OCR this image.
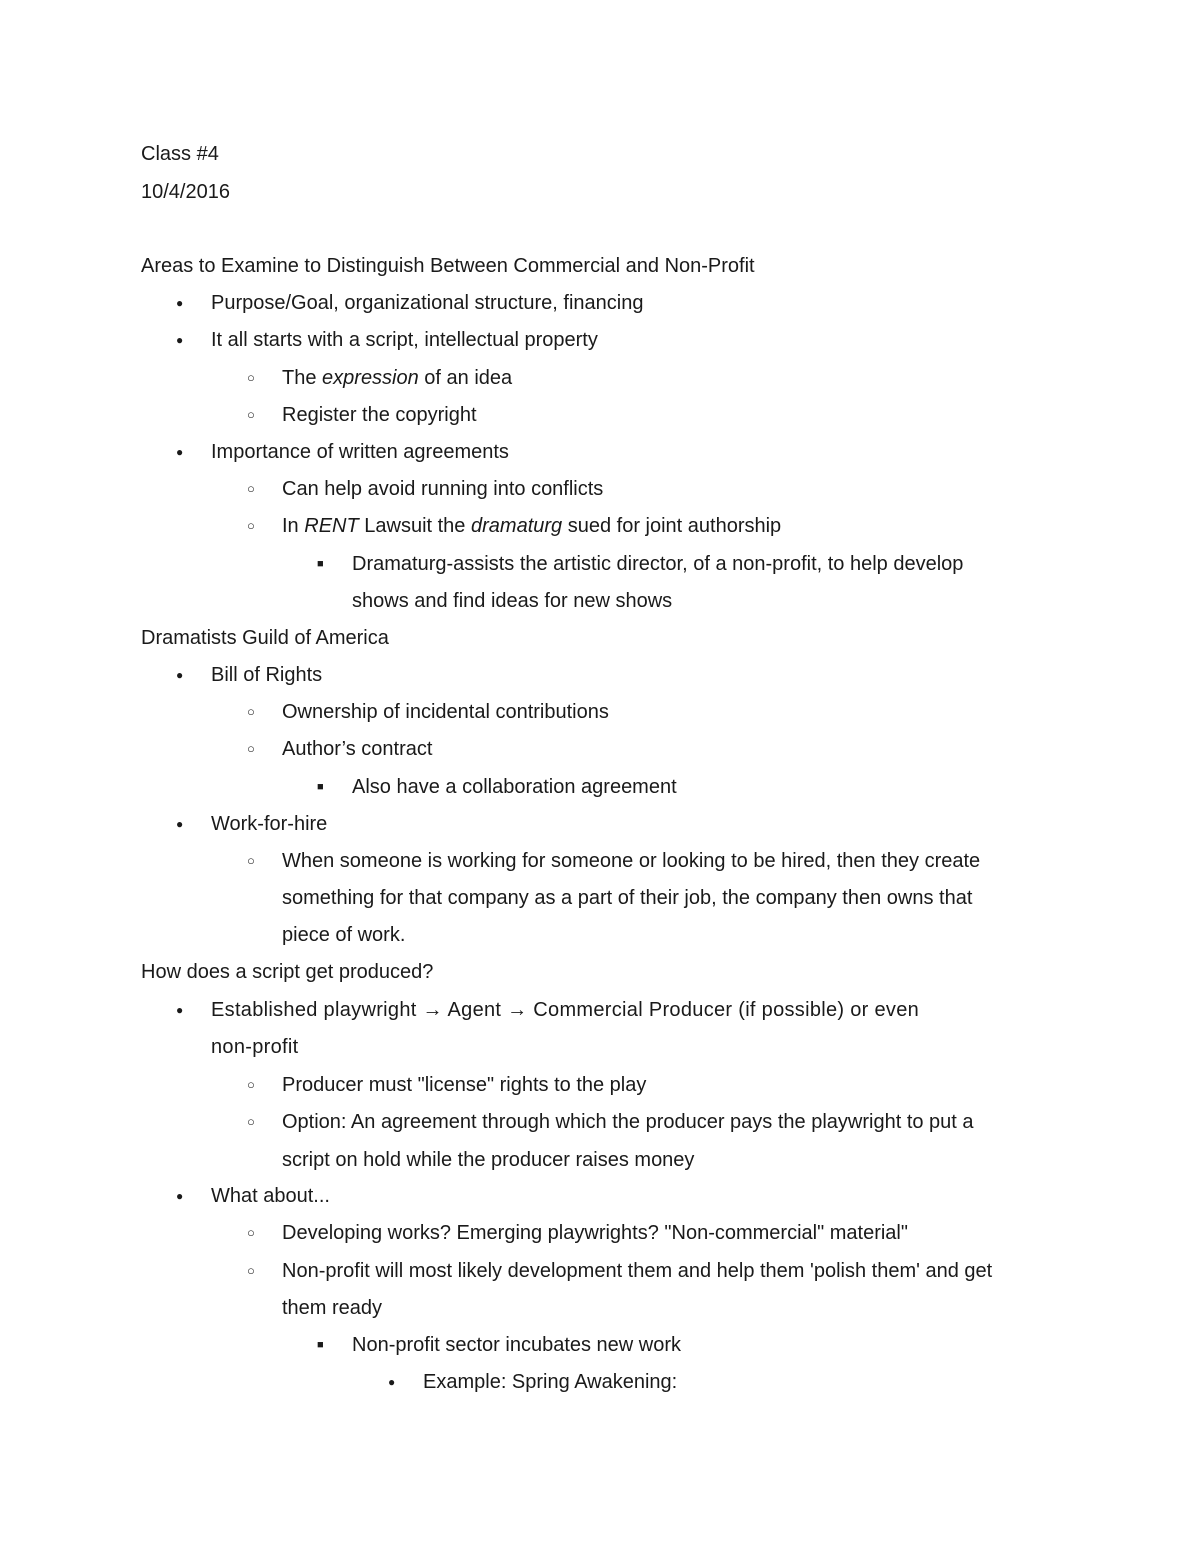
Class #4
10/4/2016
Areas to Examine to Distinguish Between Commercial and Non-Profit
● Purpose/Goal, organizational structure, financing
● It all starts with a script, intellectual property
○ The expression of an idea
○ Register the copyright
● Importance of written agreements
○ Can help avoid running into conflicts
○ In RENT Lawsuit the dramaturg sued for joint authorship
■ Dramaturg-assists the artistic director, of a non-profit, to help develop
shows and find ideas for new shows
Dramatists Guild of America
● Bill of Rights
○ Ownership of incidental contributions
○ Author’s contract
■ Also have a collaboration agreement
● Work-for-hire
○ When someone is working for someone or looking to be hired, then they create
something for that company as a part of their job, the company then owns that
piece of work.
How does a script get produced?
● Established playwright → Agent → Commercial Producer (if possible) or even
non-profit
○ Producer must "license" rights to the play
○ Option: An agreement through which the producer pays the playwright to put a
script on hold while the producer raises money
● What about...
○ Developing works? Emerging playwrights? "Non-commercial" material"
○ Non-profit will most likely development them and help them 'polish them' and get
them ready
■ Non-profit sector incubates new work
● Example: Spring Awakening:
